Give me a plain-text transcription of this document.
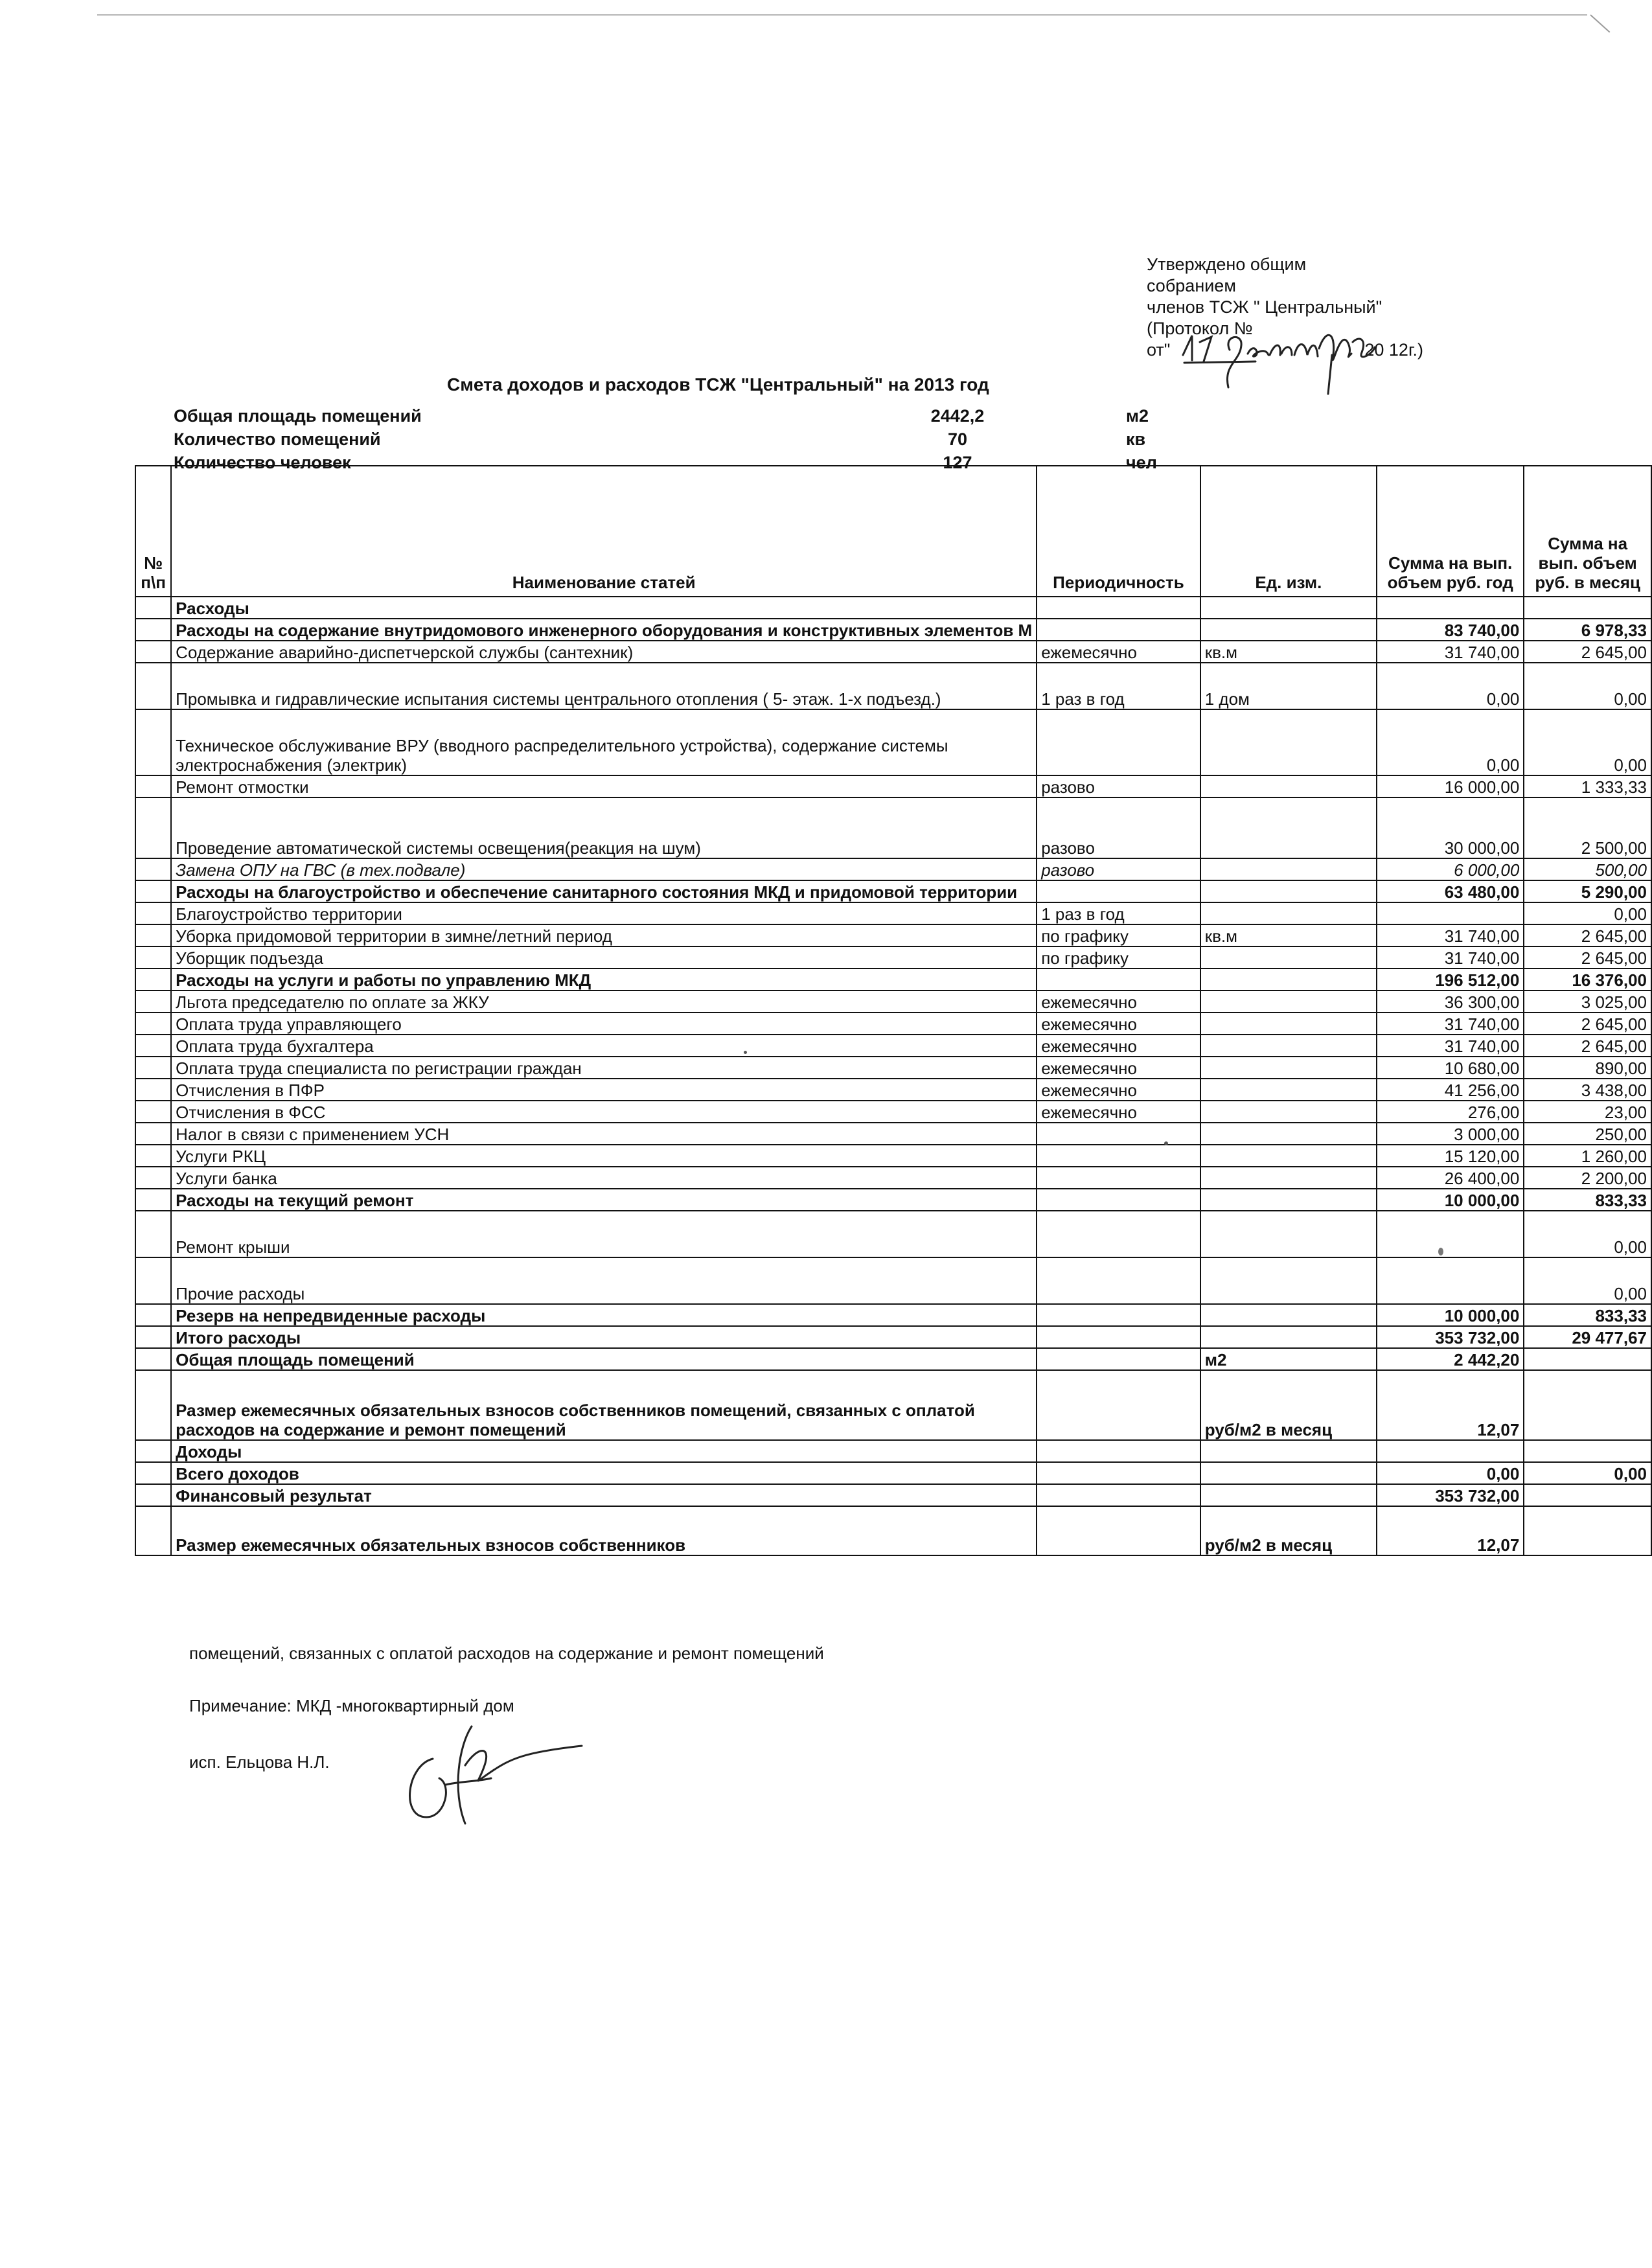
Утверждено общим
собранием
членов ТСЖ " Центральный"
(Протокол №
от"	20 12г.)
Смета доходов и расходов ТСЖ "Центральный" на 2013 год
Общая площадь помещений	2442,2	м2
Количество помещений	70	кв
Количество человек	127	чел
№ п\п	Наименование статей	Периодичность	Ед. изм.	Сумма на вып. объем руб. год	Сумма на вып. объем руб. в месяц
	Расходы				
	Расходы на содержание внутридомового инженерного оборудования и конструктивных элементов М			83 740,00	6 978,33
	Содержание аварийно-диспетчерской службы (сантехник)	ежемесячно	кв.м	31 740,00	2 645,00
	Промывка и гидравлические испытания системы центрального отопления ( 5- этаж. 1-х подъезд.)	1 раз в год	1 дом	0,00	0,00
	Техническое обслуживание ВРУ (вводного распределительного устройства), содержание системы электроснабжения (электрик)			0,00	0,00
	Ремонт отмостки	разово		16 000,00	1 333,33
	Проведение автоматической системы освещения(реакция на шум)	разово		30 000,00	2 500,00
	Замена ОПУ на ГВС (в тех.подвале)	разово		6 000,00	500,00
	Расходы на благоустройство и обеспечение санитарного состояния МКД и придомовой территории			63 480,00	5 290,00
	Благоустройство территории	1 раз в год			0,00
	Уборка придомовой территории в зимне/летний период	по графику	кв.м	31 740,00	2 645,00
	Уборщик подъезда	по графику		31 740,00	2 645,00
	Расходы на услуги и работы по управлению МКД			196 512,00	16 376,00
	Льгота председателю по оплате за ЖКУ	ежемесячно		36 300,00	3 025,00
	Оплата труда управляющего	ежемесячно		31 740,00	2 645,00
	Оплата труда бухгалтера	ежемесячно		31 740,00	2 645,00
	Оплата труда специалиста по регистрации граждан	ежемесячно		10 680,00	890,00
	Отчисления в ПФР	ежемесячно		41 256,00	3 438,00
	Отчисления в ФСС	ежемесячно		276,00	23,00
	Налог в связи с применением УСН			3 000,00	250,00
	Услуги РКЦ			15 120,00	1 260,00
	Услуги банка			26 400,00	2 200,00
	Расходы на текущий ремонт			10 000,00	833,33
	Ремонт крыши				0,00
	Прочие расходы				0,00
	Резерв на непредвиденные расходы			10 000,00	833,33
	Итого расходы			353 732,00	29 477,67
	Общая площадь помещений		м2	2 442,20	
	Размер ежемесячных обязательных взносов собственников помещений, связанных с оплатой расходов на содержание и ремонт помещений		руб/м2 в месяц	12,07	
	Доходы				
	Всего доходов			0,00	0,00
	Финансовый результат			353 732,00	
	Размер ежемесячных обязательных взносов собственников		руб/м2 в месяц	12,07	
помещений, связанных с оплатой расходов на содержание и ремонт помещений
Примечание: МКД -многоквартирный дом
исп. Ельцова Н.Л.
